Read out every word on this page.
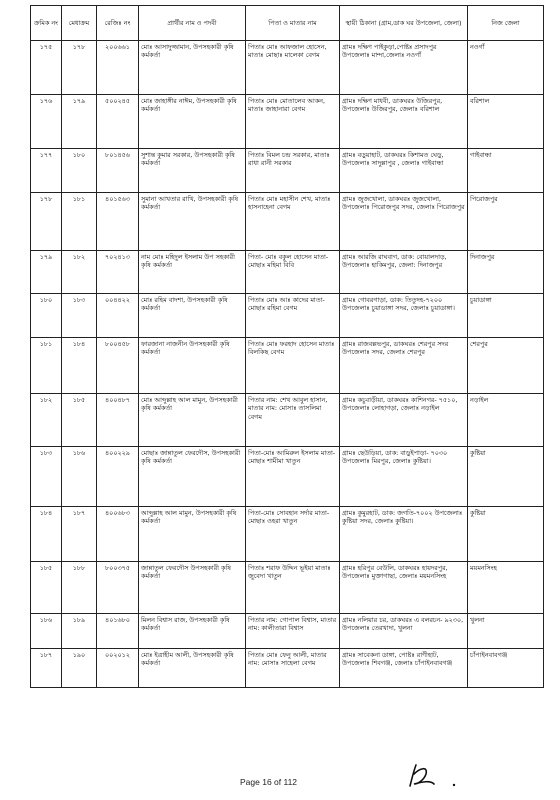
ক্রমিক নং	মেধাক্রম	রেজিঃ নং	প্রার্থীর নাম ও পদবী	পিতা ও মাতার নাম	স্থায়ী ঠিকানা (গ্রাম,ডাক ঘর উপজেলা, জেলা)	নিজ জেলা
১৭৫	১৭৮	২০০৬৬১	মোঃ আসাদুজ্জামান, উপসহকারী কৃষি কর্মকর্তা	পিতাঃ মোঃ আফজাল হোসেন, মাতাঃ মোছাঃ মালেকা বেগম	গ্রামঃ দক্ষিণ পাইকুড়া,পোষ্টঃ প্রসাদপুর উপজেলাঃ মান্দা,জেলাঃ নওগাঁ	নওগাঁ
১৭৬	১৭৯	৫০০২৪৫	মোঃ জাহাঙ্গীর নাঈম, উপসহকারী কৃষি কর্মকর্তা	পিতাঃ মোঃ মোতালেব আকন, মাতাঃ জাহানারা বেগম	গ্রামঃ দক্ষিণ মাধবী, ডাকঘরঃ উজিরপুর, উপজেলাঃ উজিরপুর, জেলাঃ বরিশাল	বরিশাল
১৭৭	১৮০	৮০১৪৫৬	সুশান্ত কুমার সরকার, উপসহকারী কৃষি কর্মকর্তা	পিতাঃ বিমল চন্দ্র সরকার, মাতাঃ রাধা রানী সরকার	গ্রামঃ বড়ুয়াহাট, ডাকঘরঃ কিশামত ঘেড়ু, উপজেলাঃ সাদুল্লাপুর , জেলাঃ গাইবান্ধা	গাইবান্ধা
১৭৮	১৮১	৪০১৫৬৩	সুমানা আখতার রাখি, উপসহকারী কৃষি কর্মকর্তা	পিতাঃ মোঃ মহাসীন শেখ, মাতাঃ হাসনাহেনা বেগম	গ্রামঃ জুজখোলা, ডাকঘরঃ জুজখোলা, উপজেলাঃ পিরোজপুর সদর, জেলাঃ পিরোজপুর	পিরোজপুর
১৭৯	১৮২	৭০২৪১৩	নাম মোঃ মহিদুল ইসলাম উপ সহকারী কৃষি কর্মকর্তা	পিতা- মোঃ বকুল হোসেন মাতা- মোছাঃ মহিমা বিবি	গ্রামঃ আরজি রাঘবাগ, ডাক: বোয়ালদাড়, উপজেলাঃ হাকিমপুর, জেলা: দিনাজপুর	দিনাজপুর
১৮০	১৮৩	০০৪৪২২	মোঃ রহিম বাদশা, উপসহকারী কৃষি কর্মকর্তা	পিতাঃ মোঃ আঃ কাদের মাতা-মোছাঃ রহিমা বেগম	গ্রামঃ গোবরগাড়া, ডাক: তিতুদহ-৭২০০ উপজেলাঃ চুয়াডাঙ্গা সদর, জেলাঃ চুয়াডাঙ্গা।	চুয়াডাঙ্গা
১৮১	১৮৪	৮০০৪৫৮	ফারজানা নাজনীন উপসহকারী কৃষি কর্মকর্তা	পিতাঃ মোঃ ফরহাদ হোসেন মাতাঃ বিলকিছ বেগম	গ্রামঃ রাজবল্লভপুর, ডাকঘরঃ শেরপুর সদর উপজেলাঃ সদর, জেলাঃ শেরপুর	শেরপুর
১৮২	১৮৫	৪০০৪৮৭	মোঃ আব্দুল্লাহ আল মামুন, উপসহকারী কৃষি কর্মকর্তা	পিতার নাম: শেখ আবুল হাসান, মাতার নাম: মোসাঃ তাসলিমা বেগম	গ্রামঃ কচুবাড়ীয়া, ডাকঘরঃ কাশিনগর- ৭৫১০, উপজেলাঃ লোহাগড়া, জেলাঃ নড়াইল	নড়াইল
১৮৩	১৮৬	৪০০২২৯	মোছাঃ জান্নাতুল ফেরদৌস, উপসহকারী কৃষি কর্মকর্তা	পিতা-মোঃ আমিরুল ইসলাম মাতা-মোছাঃ শামীমা খাতুন	গ্রামঃ ছেউড়িয়া, ডাক: বাড়ুইপাড়া- ৭০৩০ উপজেলাঃ মিরপুর, জেলাঃ কুষ্টিয়া।	কুষ্টিয়া
১৮৪	১৮৭	৪০০৬৮৩	আব্দুল্লাহ আল মামুন, উপসহকারী কৃষি কর্মকর্তা	পিতা-মোঃ সোবহান সর্দার মাতা-মোছাঃ ওহরা খাতুন	গ্রামঃ কুমুরহাট, ডাক: জগতি-৭০০২ উপজেলাঃ কুষ্টিয়া সদর, জেলাঃ কুষ্টিয়া।	কুষ্টিয়া
১৮৫	১৮৮	৮০০৩৭৫	জান্নাতুল ফেরদৌস উপসহকারী কৃষি কর্মকর্তা	পিতাঃ শরাফ উদ্দিন ভূইয়া মাতাঃ জুবেদা খাতুন	গ্রামঃ হরিপুর বেউলি, ডাকঘরঃ হায়দরপুর, উপজেলাঃ মুক্তাগাছা, জেলাঃ ময়মনসিংহ	ময়মনসিংহ
১৮৬	১৮৯	৪০১৬৮০	মিলন বিশ্বাস রাজ, উপসহকারী কৃষি কর্মকর্তা	পিতার নাম: গোপাল বিশ্বাস, মাতার নাম: কালীতারা বিশ্বাস	গ্রামঃ নলিয়ার চর, ডাকঘরঃ এ বলরচন- ৯২৩০, উপজেলাঃ তেরখাদা, খুলনা	খুলনা
১৮৭	১৯০	০০২০১২	মোঃ ইত্রাহীম আলী, উপসহকারী কৃষি কর্মকর্তা	পিতাঃ মোঃ ফেনু আলী, মাতার নাম: মোসাঃ সাহেলা বেগম	গ্রামঃ সাবেকনা ডাঙ্গা, পোষ্টঃ রাণীহাট, উপজেলাঃ শিবগঞ্জ, জেলাঃ চাঁপাইনবাবগঞ্জ	চাঁপাইনবাবগঞ্জ
Page 16 of 112
